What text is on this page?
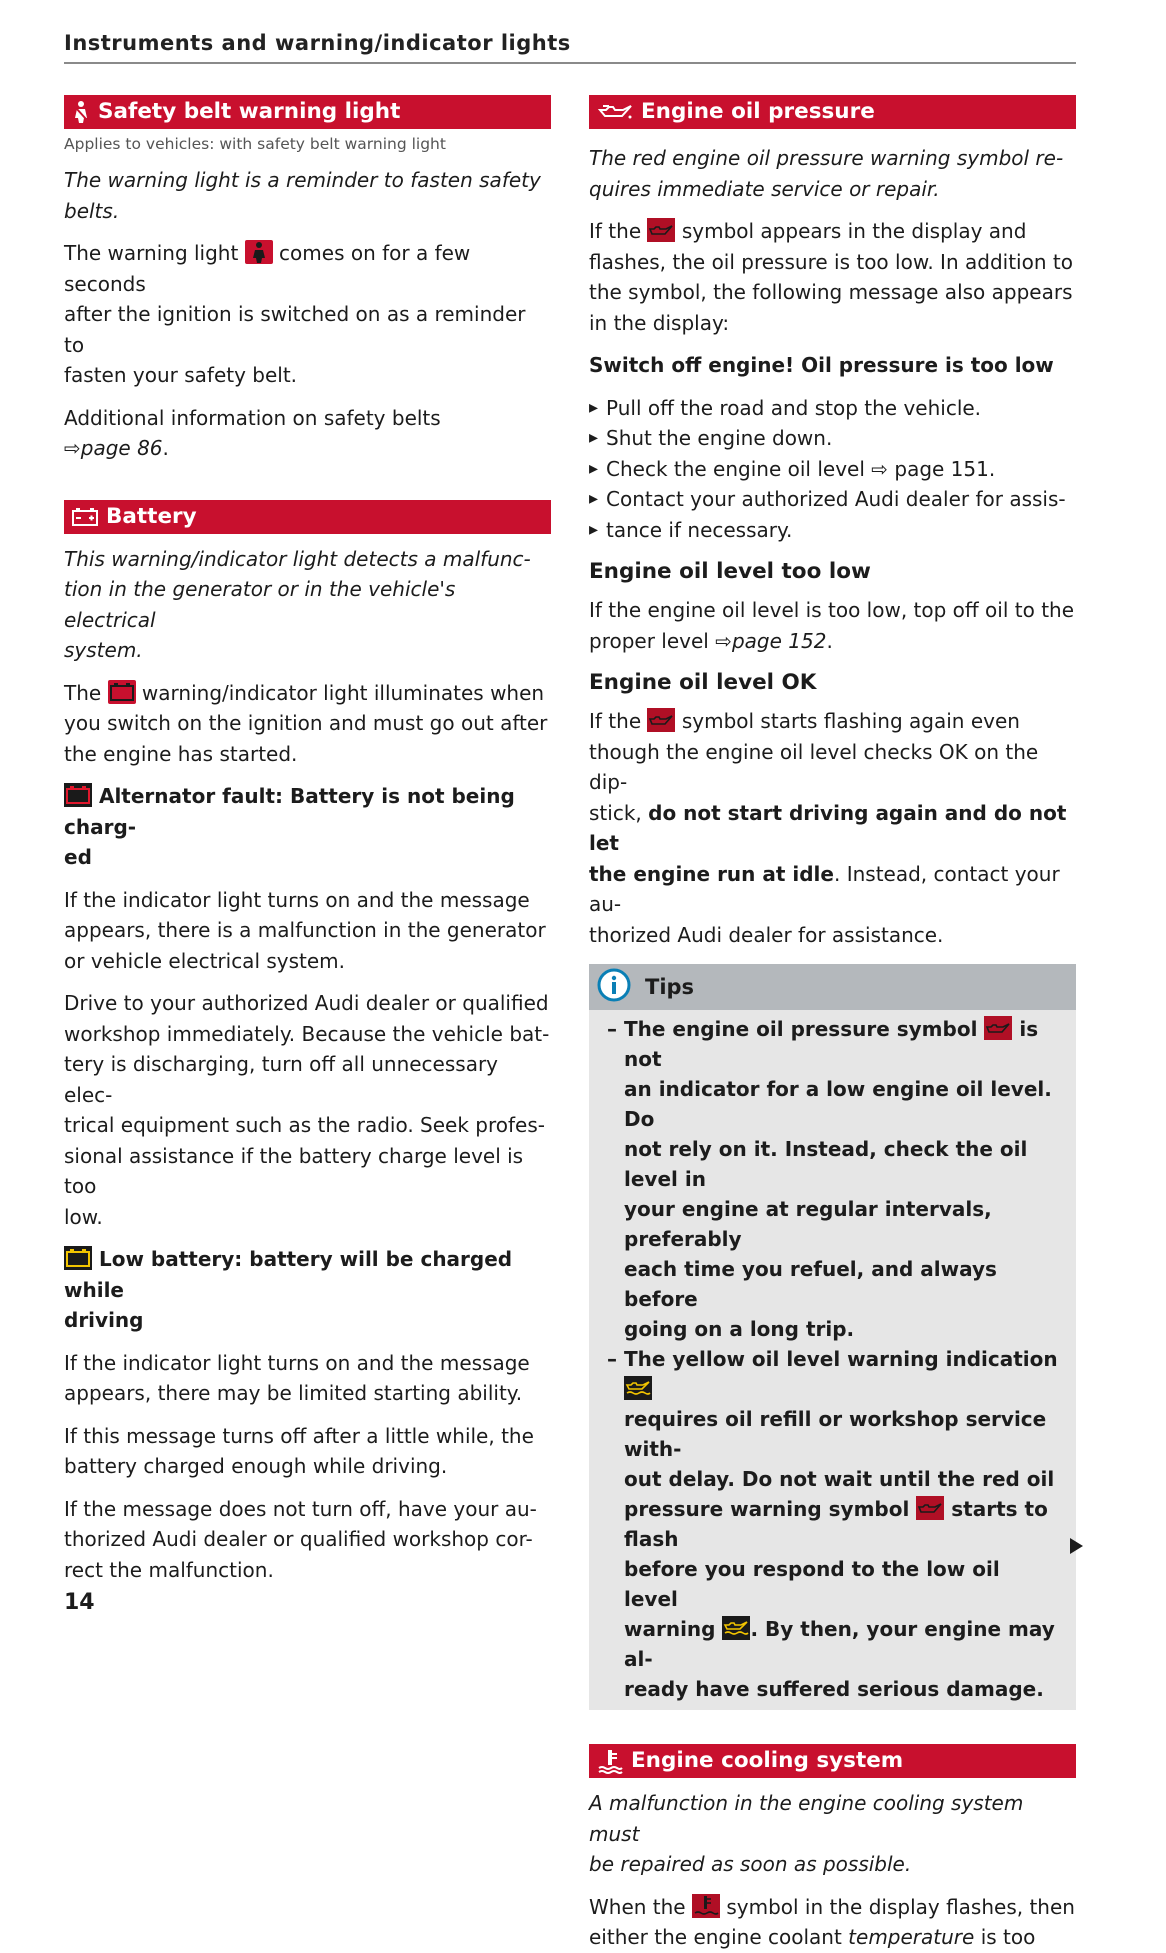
Instruments and warning/indicator lights
Safety belt warning light

Applies to vehicles: with safety belt warning light

The warning light is a reminder to fasten safety

belts.

The warning light comes on for a few seconds

after the ignition is switched on as a reminder to

fasten your safety belt.

Additional information on safety belts

⇨page 86.

Battery

This warning/indicator light detects a malfunc-

tion in the generator or in the vehicle's electrical

system.

The warning/indicator light illuminates when

you switch on the ignition and must go out after

the engine has started.

Alternator fault: Battery is not being charg-

ed

If the indicator light turns on and the message

appears, there is a malfunction in the generator

or vehicle electrical system.

Drive to your authorized Audi dealer or qualified

workshop immediately. Because the vehicle bat-

tery is discharging, turn off all unnecessary elec-

trical equipment such as the radio. Seek profes-

sional assistance if the battery charge level is too

low.

Low battery: battery will be charged while

driving

If the indicator light turns on and the message

appears, there may be limited starting ability.

If this message turns off after a little while, the

battery charged enough while driving.

If the message does not turn off, have your au-

thorized Audi dealer or qualified workshop cor-

rect the malfunction.

Engine oil pressure

The red engine oil pressure warning symbol re-

quires immediate service or repair.

If the symbol appears in the display and

flashes, the oil pressure is too low. In addition to

the symbol, the following message also appears

in the display:

Switch off engine! Oil pressure is too low

▸ Pull off the road and stop the vehicle.
▸ Shut the engine down.
▸ Check the engine oil level ⇨ page 151.
▸ Contact your authorized Audi dealer for assis-
▸ tance if necessary.

Engine oil level too low

If the engine oil level is too low, top off oil to the

proper level ⇨page 152.

Engine oil level OK

If the symbol starts flashing again even

though the engine oil level checks OK on the dip-

stick, do not start driving again and do not let

the engine run at idle. Instead, contact your au-

thorized Audi dealer for assistance.

Tips

– The engine oil pressure symbol is not

an indicator for a low engine oil level. Do

not rely on it. Instead, check the oil level in

your engine at regular intervals, preferably

each time you refuel, and always before

going on a long trip.

– The yellow oil level warning indication

requires oil refill or workshop service with-

out delay. Do not wait until the red oil

pressure warning symbol starts to flash

before you respond to the low oil level

warning . By then, your engine may al-

ready have suffered serious damage.

Engine cooling system

A malfunction in the engine cooling system must

be repaired as soon as possible.

When the symbol in the display flashes, then

either the engine coolant temperature is too

14
